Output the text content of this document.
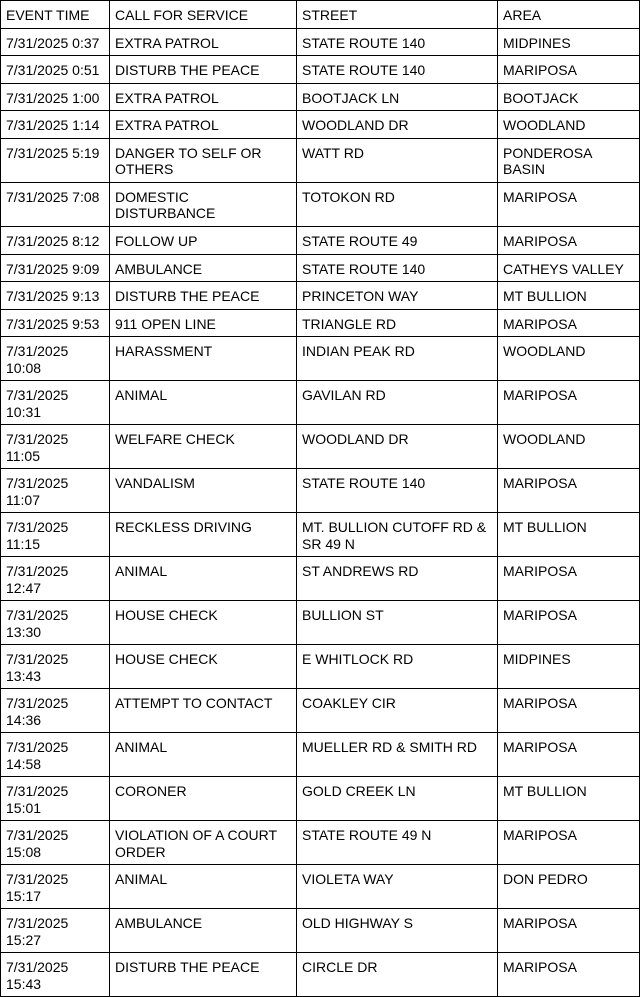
EVENT TIME	CALL FOR SERVICE	STREET	AREA
7/31/2025 0:37	EXTRA PATROL	STATE ROUTE 140	MIDPINES
7/31/2025 0:51	DISTURB THE PEACE	STATE ROUTE 140	MARIPOSA
7/31/2025 1:00	EXTRA PATROL	BOOTJACK LN	BOOTJACK
7/31/2025 1:14	EXTRA PATROL	WOODLAND DR	WOODLAND
7/31/2025 5:19	DANGER TO SELF OR OTHERS	WATT RD	PONDEROSA BASIN
7/31/2025 7:08	DOMESTIC DISTURBANCE	TOTOKON RD	MARIPOSA
7/31/2025 8:12	FOLLOW UP	STATE ROUTE 49	MARIPOSA
7/31/2025 9:09	AMBULANCE	STATE ROUTE 140	CATHEYS VALLEY
7/31/2025 9:13	DISTURB THE PEACE	PRINCETON WAY	MT BULLION
7/31/2025 9:53	911 OPEN LINE	TRIANGLE RD	MARIPOSA
7/31/2025 10:08	HARASSMENT	INDIAN PEAK RD	WOODLAND
7/31/2025 10:31	ANIMAL	GAVILAN RD	MARIPOSA
7/31/2025 11:05	WELFARE CHECK	WOODLAND DR	WOODLAND
7/31/2025 11:07	VANDALISM	STATE ROUTE 140	MARIPOSA
7/31/2025 11:15	RECKLESS DRIVING	MT. BULLION CUTOFF RD & SR 49 N	MT BULLION
7/31/2025 12:47	ANIMAL	ST ANDREWS RD	MARIPOSA
7/31/2025 13:30	HOUSE CHECK	BULLION ST	MARIPOSA
7/31/2025 13:43	HOUSE CHECK	E WHITLOCK RD	MIDPINES
7/31/2025 14:36	ATTEMPT TO CONTACT	COAKLEY CIR	MARIPOSA
7/31/2025 14:58	ANIMAL	MUELLER RD & SMITH RD	MARIPOSA
7/31/2025 15:01	CORONER	GOLD CREEK LN	MT BULLION
7/31/2025 15:08	VIOLATION OF A COURT ORDER	STATE ROUTE 49 N	MARIPOSA
7/31/2025 15:17	ANIMAL	VIOLETA WAY	DON PEDRO
7/31/2025 15:27	AMBULANCE	OLD HIGHWAY S	MARIPOSA
7/31/2025 15:43	DISTURB THE PEACE	CIRCLE DR	MARIPOSA
